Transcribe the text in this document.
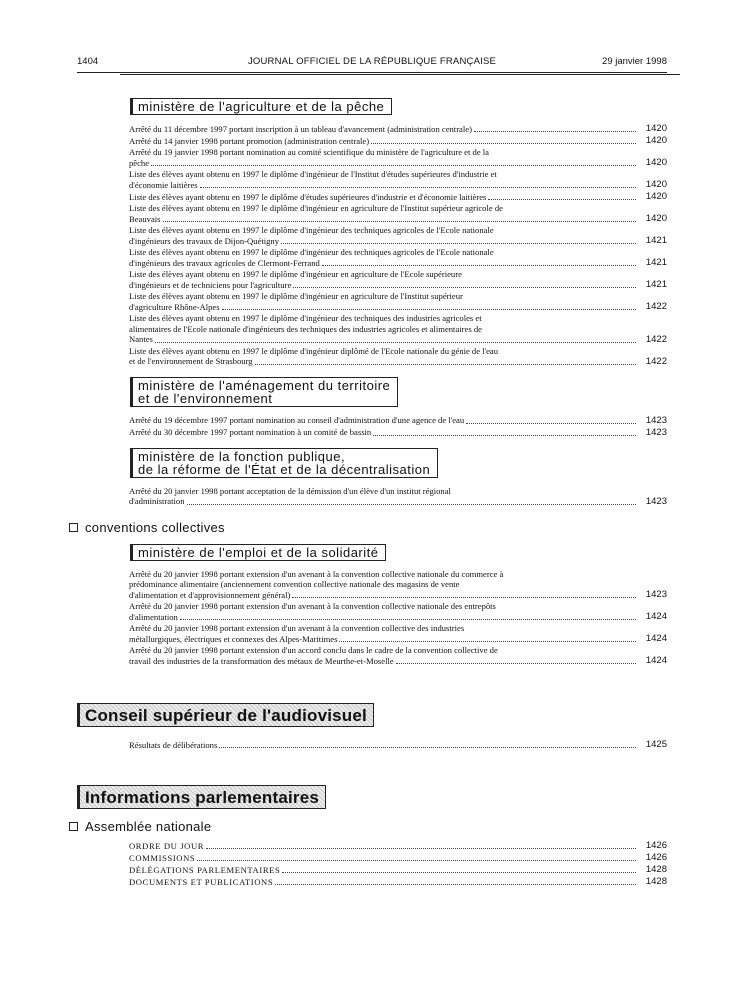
1404	JOURNAL OFFICIEL DE LA RÉPUBLIQUE FRANÇAISE	29 janvier 1998
ministère de l'agriculture et de la pêche
Arrêté du 11 décembre 1997 portant inscription à un tableau d'avancement (administration centrale)	1420
Arrêté du 14 janvier 1998 portant promotion (administration centrale)	1420
Arrêté du 19 janvier 1998 portant nomination au comité scientifique du ministère de l'agriculture et de la
pêche	1420
Liste des élèves ayant obtenu en 1997 le diplôme d'ingénieur de l'Institut d'études supérieures d'industrie et
d'économie laitières	1420
Liste des élèves ayant obtenu en 1997 le diplôme d'études supérieures d'industrie et d'économie laitières	1420
Liste des élèves ayant obtenu en 1997 le diplôme d'ingénieur en agriculture de l'Institut supérieur agricole de
Beauvais	1420
Liste des élèves ayant obtenu en 1997 le diplôme d'ingénieur des techniques agricoles de l'Ecole nationale
d'ingénieurs des travaux de Dijon-Quétigny	1421
Liste des élèves ayant obtenu en 1997 le diplôme d'ingénieur des techniques agricoles de l'Ecole nationale
d'ingénieurs des travaux agricoles de Clermont-Ferrand	1421
Liste des élèves ayant obtenu en 1997 le diplôme d'ingénieur en agriculture de l'Ecole supérieure
d'ingénieurs et de techniciens pour l'agriculture	1421
Liste des élèves ayant obtenu en 1997 le diplôme d'ingénieur en agriculture de l'Institut supérieur
d'agriculture Rhône-Alpes	1422
Liste des élèves ayant obtenu en 1997 le diplôme d'ingénieur des techniques des industries agricoles et
alimentaires de l'Ecole nationale d'ingénieurs des techniques des industries agricoles et alimentaires de
Nantes	1422
Liste des élèves ayant obtenu en 1997 le diplôme d'ingénieur diplômé de l'Ecole nationale du génie de l'eau
et de l'environnement de Strasbourg	1422
ministère de l'aménagement du territoire
et de l'environnement
Arrêté du 19 décembre 1997 portant nomination au conseil d'administration d'une agence de l'eau	1423
Arrêté du 30 décembre 1997 portant nomination à un comité de bassin	1423
ministère de la fonction publique,
de la réforme de l'État et de la décentralisation
Arrêté du 20 janvier 1998 portant acceptation de la démission d'un élève d'un institut régional
d'administration	1423
conventions collectives
ministère de l'emploi et de la solidarité
Arrêté du 20 janvier 1998 portant extension d'un avenant à la convention collective nationale du commerce à
prédominance alimentaire (anciennement convention collective nationale des magasins de vente
d'alimentation et d'approvisionnement général)	1423
Arrêté du 20 janvier 1998 portant extension d'un avenant à la convention collective nationale des entrepôts
d'alimentation	1424
Arrêté du 20 janvier 1998 portant extension d'un avenant à la convention collective des industries
métallurgiques, électriques et connexes des Alpes-Maritimes	1424
Arrêté du 20 janvier 1998 portant extension d'un accord conclu dans le cadre de la convention collective de
travail des industries de la transformation des métaux de Meurthe-et-Moselle	1424
Conseil supérieur de l'audiovisuel
Résultats de délibérations	1425
Informations parlementaires
Assemblée nationale
ORDRE DU JOUR	1426
COMMISSIONS	1426
DÉLÉGATIONS PARLEMENTAIRES	1428
DOCUMENTS ET PUBLICATIONS	1428
